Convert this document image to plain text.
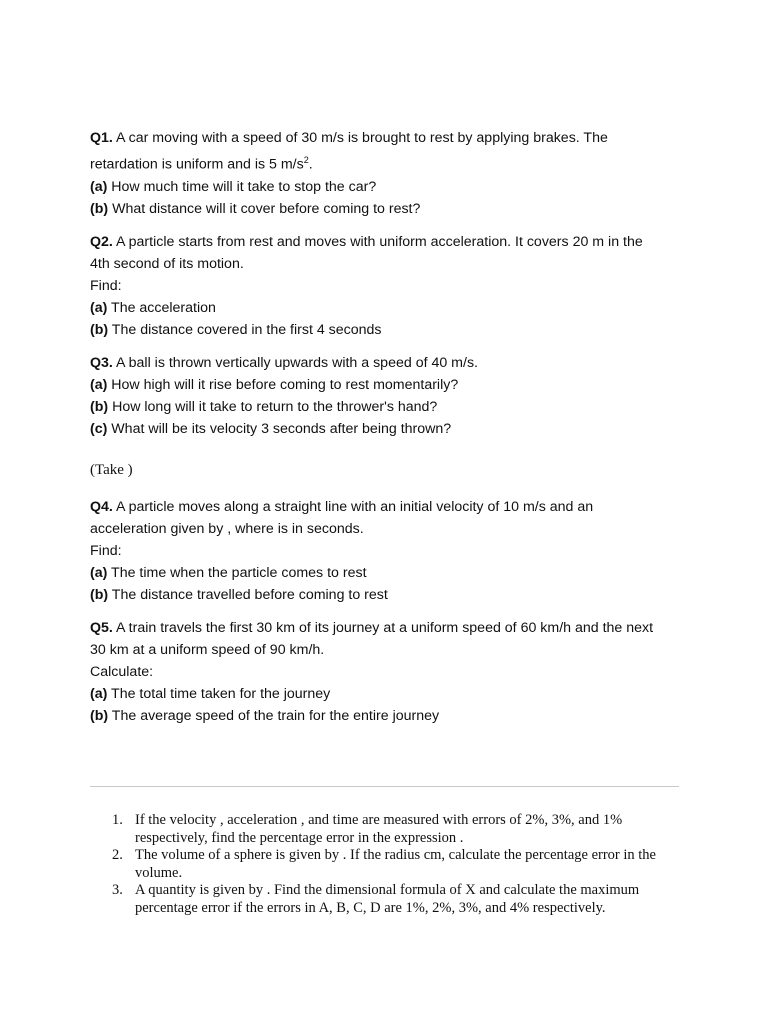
Q1. A car moving with a speed of 30 m/s is brought to rest by applying brakes. The
retardation is uniform and is 5 $m/s^2$.
(a) How much time will it take to stop the car?
(b) What distance will it cover before coming to rest?
Q2. A particle starts from rest and moves with uniform acceleration. It covers 20 m in the
4th second of its motion.
Find:
(a) The acceleration
(b) The distance covered in the first 4 seconds
Q3. A ball is thrown vertically upwards with a speed of 40 m/s.
(a) How high will it rise before coming to rest momentarily?
(b) How long will it take to return to the thrower's hand?
(c) What will be its velocity 3 seconds after being thrown?
(Take )
Q4. A particle moves along a straight line with an initial velocity of 10 m/s and an
acceleration given by , where is in seconds.
Find:
(a) The time when the particle comes to rest
(b) The distance travelled before coming to rest
Q5. A train travels the first 30 km of its journey at a uniform speed of 60 km/h and the next
30 km at a uniform speed of 90 km/h.
Calculate:
(a) The total time taken for the journey
(b) The average speed of the train for the entire journey
1. If the velocity , acceleration , and time are measured with errors of 2%, 3%, and 1%
respectively, find the percentage error in the expression .
2. The volume of a sphere is given by . If the radius cm, calculate the percentage error in the
volume.
3. A quantity is given by . Find the dimensional formula of X and calculate the maximum
percentage error if the errors in A, B, C, D are 1%, 2%, 3%, and 4% respectively.
